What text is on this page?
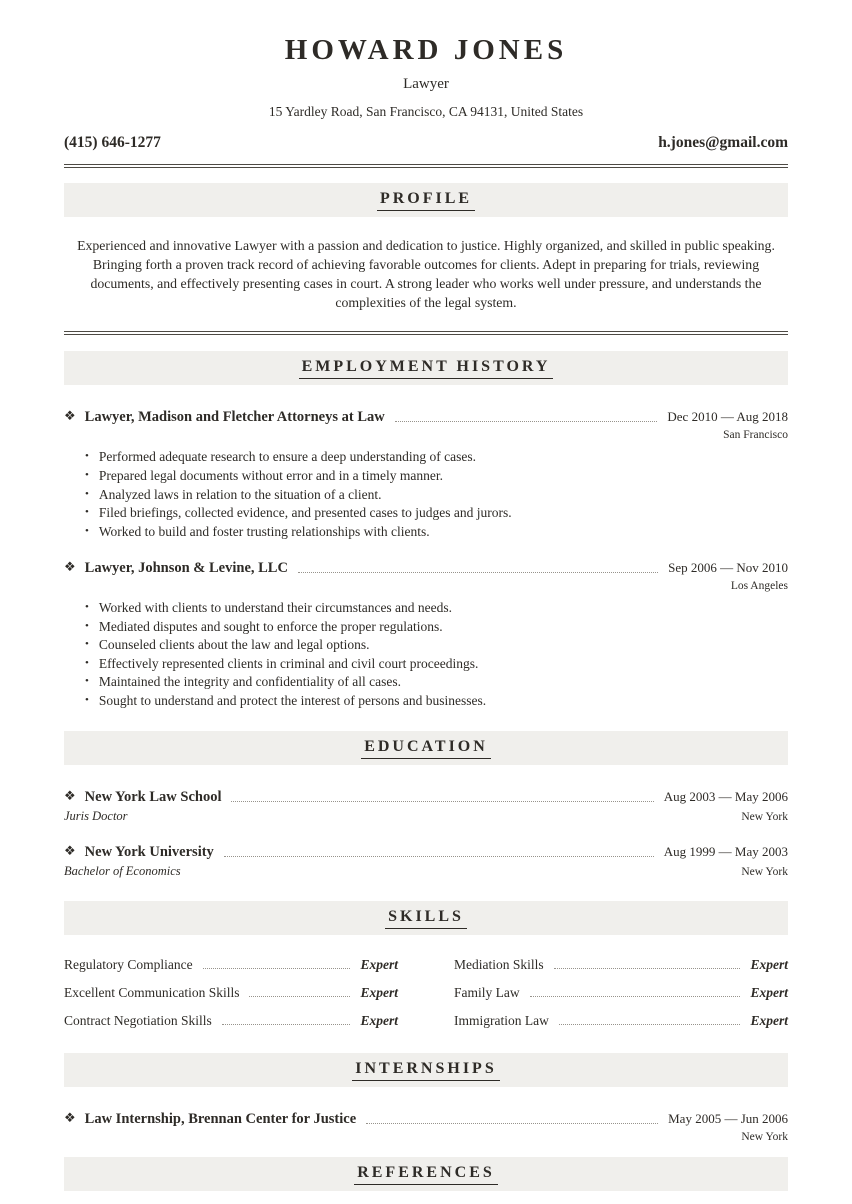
HOWARD JONES
Lawyer
15 Yardley Road, San Francisco, CA 94131, United States
(415) 646-1277	h.jones@gmail.com
PROFILE

Experienced and innovative Lawyer with a passion and dedication to justice. Highly organized, and skilled in public speaking. Bringing forth a proven track record of achieving favorable outcomes for clients. Adept in preparing for trials, reviewing documents, and effectively presenting cases in court. A strong leader who works well under pressure, and understands the complexities of the legal system.

EMPLOYMENT HISTORY
❖ Lawyer, Madison and Fletcher Attorneys at Law	Dec 2010 — Aug 2018
San Francisco
• Performed adequate research to ensure a deep understanding of cases.
• Prepared legal documents without error and in a timely manner.
• Analyzed laws in relation to the situation of a client.
• Filed briefings, collected evidence, and presented cases to judges and jurors.
• Worked to build and foster trusting relationships with clients.
❖ Lawyer, Johnson & Levine, LLC	Sep 2006 — Nov 2010
Los Angeles
• Worked with clients to understand their circumstances and needs.
• Mediated disputes and sought to enforce the proper regulations.
• Counseled clients about the law and legal options.
• Effectively represented clients in criminal and civil court proceedings.
• Maintained the integrity and confidentiality of all cases.
• Sought to understand and protect the interest of persons and businesses.
EDUCATION
❖ New York Law School	Aug 2003 — May 2006
Juris Doctor	New York
❖ New York University	Aug 1999 — May 2003
Bachelor of Economics	New York
SKILLS
Regulatory Compliance	Expert
Excellent Communication Skills	Expert
Contract Negotiation Skills	Expert
Mediation Skills	Expert
Family Law	Expert
Immigration Law	Expert
INTERNSHIPS
❖ Law Internship, Brennan Center for Justice	May 2005 — Jun 2006
New York
REFERENCES
